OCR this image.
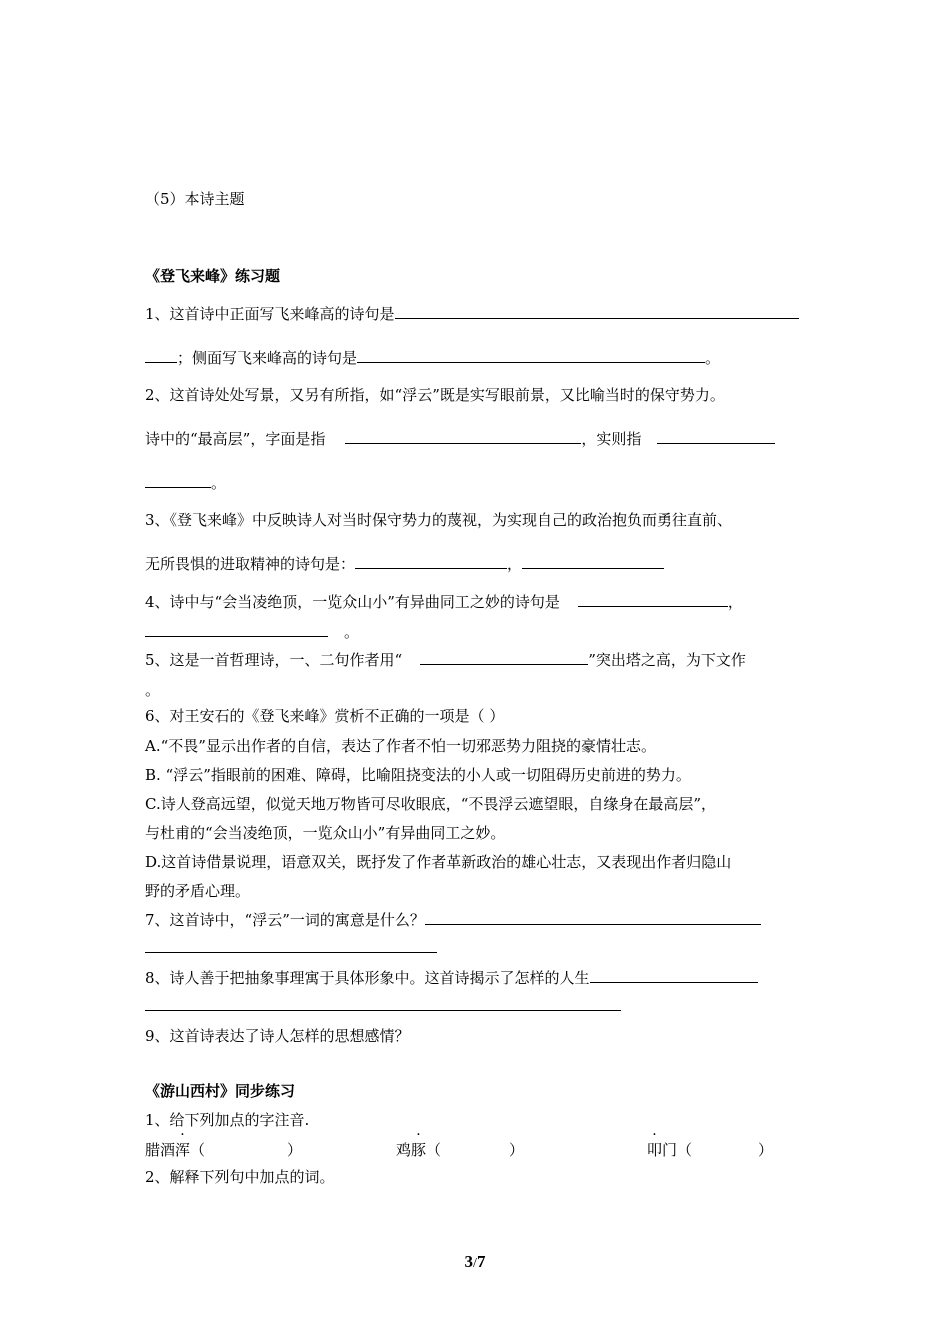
（5）本诗主题
《登飞来峰》练习题
1、这首诗中正面写飞来峰高的诗句是
；侧面写飞来峰高的诗句是	。
2、这首诗处处写景，又另有所指，如“浮云”既是实写眼前景，又比喻当时的保守势力。
诗中的“最高层”，字面是指	，实则指
。
3、《登飞来峰》中反映诗人对当时保守势力的蔑视，为实现自己的政治抱负而勇往直前、
无所畏惧的进取精神的诗句是：	，
4、诗中与“会当凌绝顶，一览众山小”有异曲同工之妙的诗句是	，
。
5、这是一首哲理诗，一、二句作者用“	”突出塔之高，为下文作
。
6、对王安石的《登飞来峰》赏析不正确的一项是（ ）
A.“不畏”显示出作者的自信，表达了作者不怕一切邪恶势力阻挠的豪情壮志。
B. “浮云”指眼前的困难、障碍，比喻阻挠变法的小人或一切阻碍历史前进的势力。
C.诗人登高远望，似觉天地万物皆可尽收眼底，“不畏浮云遮望眼，自缘身在最高层”，
与杜甫的“会当凌绝顶，一览众山小”有异曲同工之妙。
D.这首诗借景说理，语意双关，既抒发了作者革新政治的雄心壮志，又表现出作者归隐山
野的矛盾心理。
7、这首诗中，“浮云”一词的寓意是什么？
8、诗人善于把抽象事理寓于具体形象中。这首诗揭示了怎样的人生
9、这首诗表达了诗人怎样的思想感情？
《游山西村》同步练习
1、给下列加点的字注音.
腊酒浑（	）	鸡豚（	）	叩门（	）
2、解释下列句中加点的词。
3/7
